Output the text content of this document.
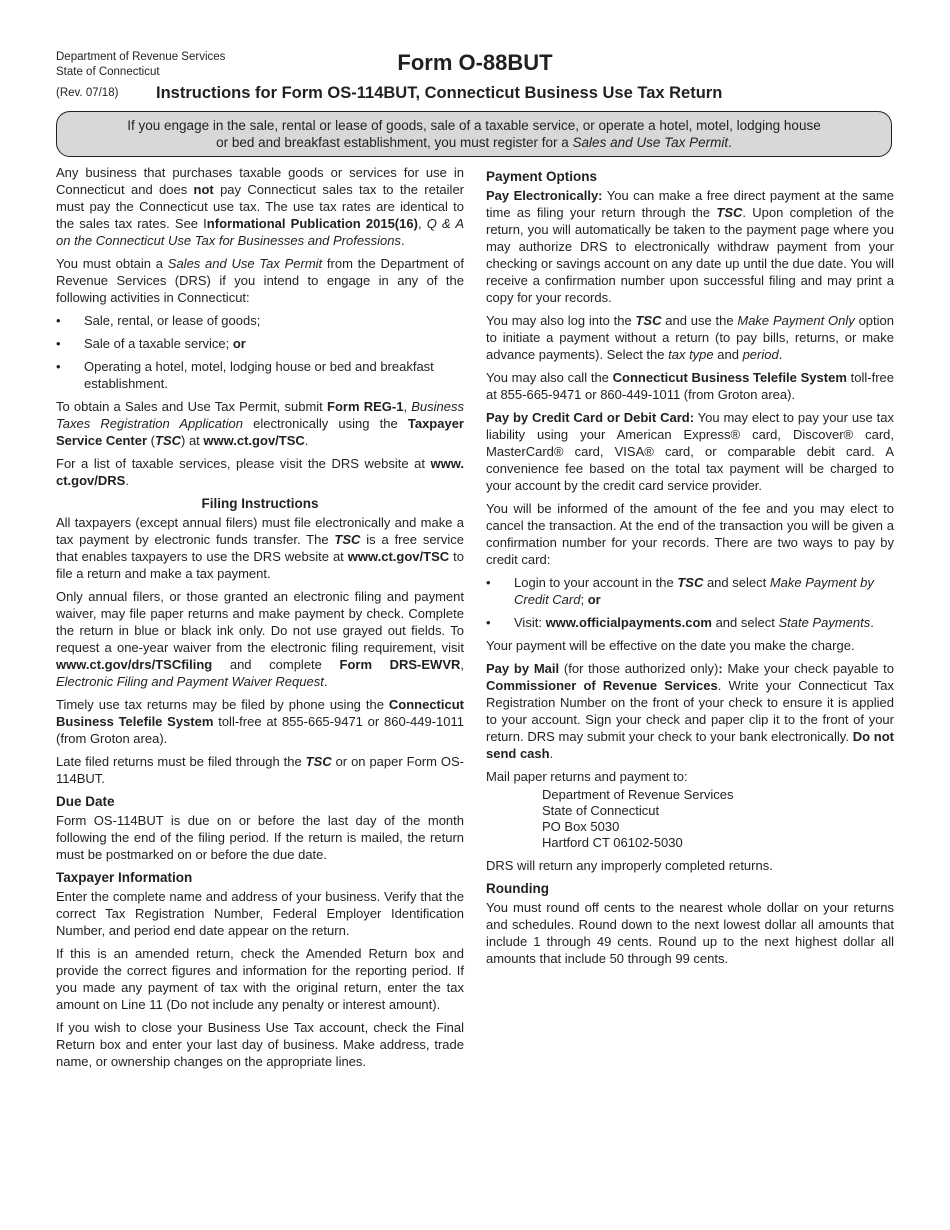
Department of Revenue Services
State of Connecticut
(Rev. 07/18)
Form O-88BUT
Instructions for Form OS-114BUT, Connecticut Business Use Tax Return
If you engage in the sale, rental or lease of goods, sale of a taxable service, or operate a hotel, motel, lodging house
or bed and breakfast establishment, you must register for a Sales and Use Tax Permit.

Any business that purchases taxable goods or services for use in Connecticut and does not pay Connecticut sales tax to the retailer must pay the Connecticut use tax. The use tax rates are identical to the sales tax rates. See Informational Publication 2015(16), Q & A on the Connecticut Use Tax for Businesses and Professions.

You must obtain a Sales and Use Tax Permit from the Department of Revenue Services (DRS) if you intend to engage in any of the following activities in Connecticut:

• Sale, rental, or lease of goods;
• Sale of a taxable service; or
• Operating a hotel, motel, lodging house or bed and breakfast establishment.

To obtain a Sales and Use Tax Permit, submit Form REG-1, Business Taxes Registration Application electronically using the Taxpayer Service Center (TSC) at www.ct.gov/TSC.

For a list of taxable services, please visit the DRS website at www. ct.gov/DRS.

Filing Instructions

All taxpayers (except annual filers) must file electronically and make a tax payment by electronic funds transfer. The TSC is a free service that enables taxpayers to use the DRS website at www.ct.gov/TSC to file a return and make a tax payment.

Only annual filers, or those granted an electronic filing and payment waiver, may file paper returns and make payment by check. Complete the return in blue or black ink only. Do not use grayed out fields. To request a one-year waiver from the electronic filing requirement, visit www.ct.gov/drs/TSCfiling and complete Form DRS-EWVR, Electronic Filing and Payment Waiver Request.

Timely use tax returns may be filed by phone using the Connecticut Business Telefile System toll-free at 855-665-9471 or 860-449-1011 (from Groton area).

Late filed returns must be filed through the TSC or on paper Form OS-114BUT.

Due Date

Form OS-114BUT is due on or before the last day of the month following the end of the filing period. If the return is mailed, the return must be postmarked on or before the due date.

Taxpayer Information

Enter the complete name and address of your business. Verify that the correct Tax Registration Number, Federal Employer Identification Number, and period end date appear on the return.

If this is an amended return, check the Amended Return box and provide the correct figures and information for the reporting period. If you made any payment of tax with the original return, enter the tax amount on Line 11 (Do not include any penalty or interest amount).

If you wish to close your Business Use Tax account, check the Final Return box and enter your last day of business. Make address, trade name, or ownership changes on the appropriate lines.

Payment Options

Pay Electronically: You can make a free direct payment at the same time as filing your return through the TSC. Upon completion of the return, you will automatically be taken to the payment page where you may authorize DRS to electronically withdraw payment from your checking or savings account on any date up until the due date. You will receive a confirmation number upon successful filing and may print a copy for your records.

You may also log into the TSC and use the Make Payment Only option to initiate a payment without a return (to pay bills, returns, or make advance payments). Select the tax type and period.

You may also call the Connecticut Business Telefile System toll-free at 855-665-9471 or 860-449-1011 (from Groton area).

Pay by Credit Card or Debit Card: You may elect to pay your use tax liability using your American Express® card, Discover® card, MasterCard® card, VISA® card, or comparable debit card. A convenience fee based on the total tax payment will be charged to your account by the credit card service provider.

You will be informed of the amount of the fee and you may elect to cancel the transaction. At the end of the transaction you will be given a confirmation number for your records. There are two ways to pay by credit card:

• Login to your account in the TSC and select Make Payment by Credit Card; or
• Visit: www.officialpayments.com and select State Payments.

Your payment will be effective on the date you make the charge.

Pay by Mail (for those authorized only): Make your check payable to Commissioner of Revenue Services. Write your Connecticut Tax Registration Number on the front of your check to ensure it is applied to your account. Sign your check and paper clip it to the front of your return. DRS may submit your check to your bank electronically. Do not send cash.

Mail paper returns and payment to:

Department of Revenue Services
State of Connecticut
PO Box 5030
Hartford CT 06102-5030

DRS will return any improperly completed returns.

Rounding

You must round off cents to the nearest whole dollar on your returns and schedules. Round down to the next lowest dollar all amounts that include 1 through 49 cents. Round up to the next highest dollar all amounts that include 50 through 99 cents.
